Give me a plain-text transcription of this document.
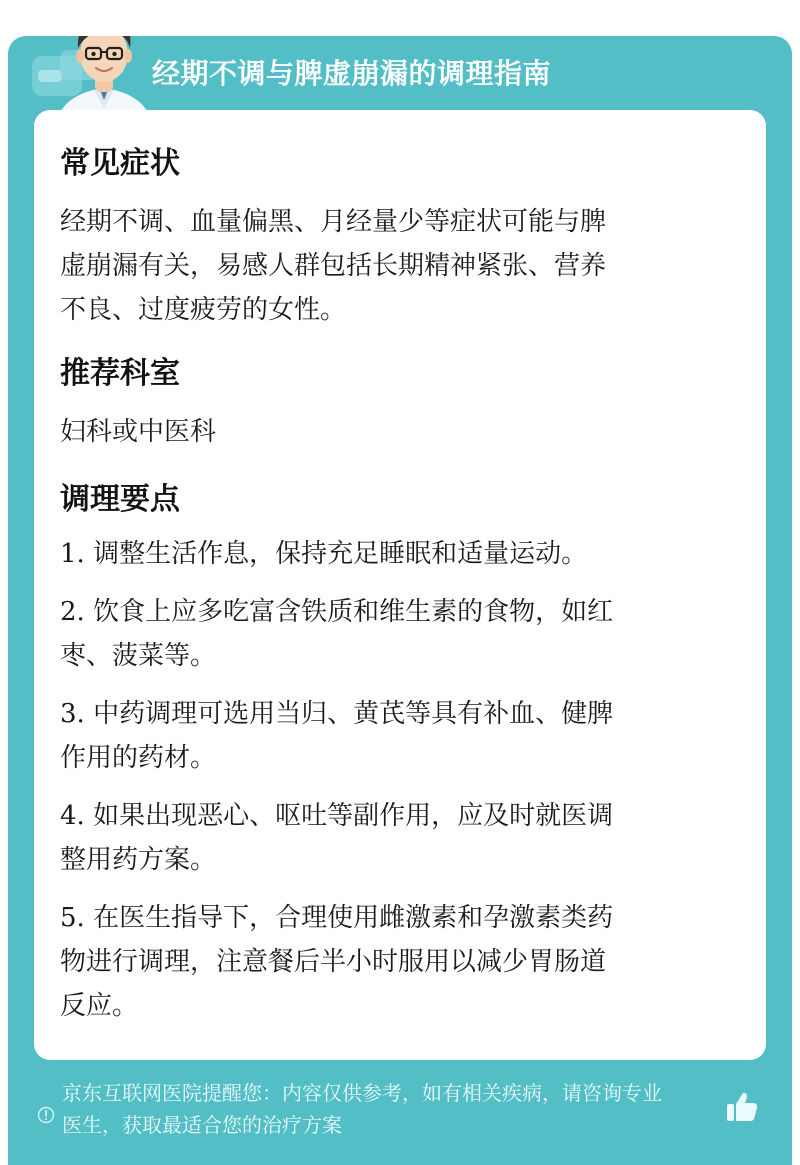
经期不调与脾虚崩漏的调理指南
常见症状
经期不调、血量偏黑、月经量少等症状可能与脾
虚崩漏有关，易感人群包括长期精神紧张、营养
不良、过度疲劳的女性。
推荐科室
妇科或中医科
调理要点
1. 调整生活作息，保持充足睡眠和适量运动。
2. 饮食上应多吃富含铁质和维生素的食物，如红
枣、菠菜等。
3. 中药调理可选用当归、黄芪等具有补血、健脾
作用的药材。
4. 如果出现恶心、呕吐等副作用，应及时就医调
整用药方案。
5. 在医生指导下，合理使用雌激素和孕激素类药
物进行调理，注意餐后半小时服用以减少胃肠道
反应。
京东互联网医院提醒您：内容仅供参考，如有相关疾病，请咨询专业
医生，获取最适合您的治疗方案
